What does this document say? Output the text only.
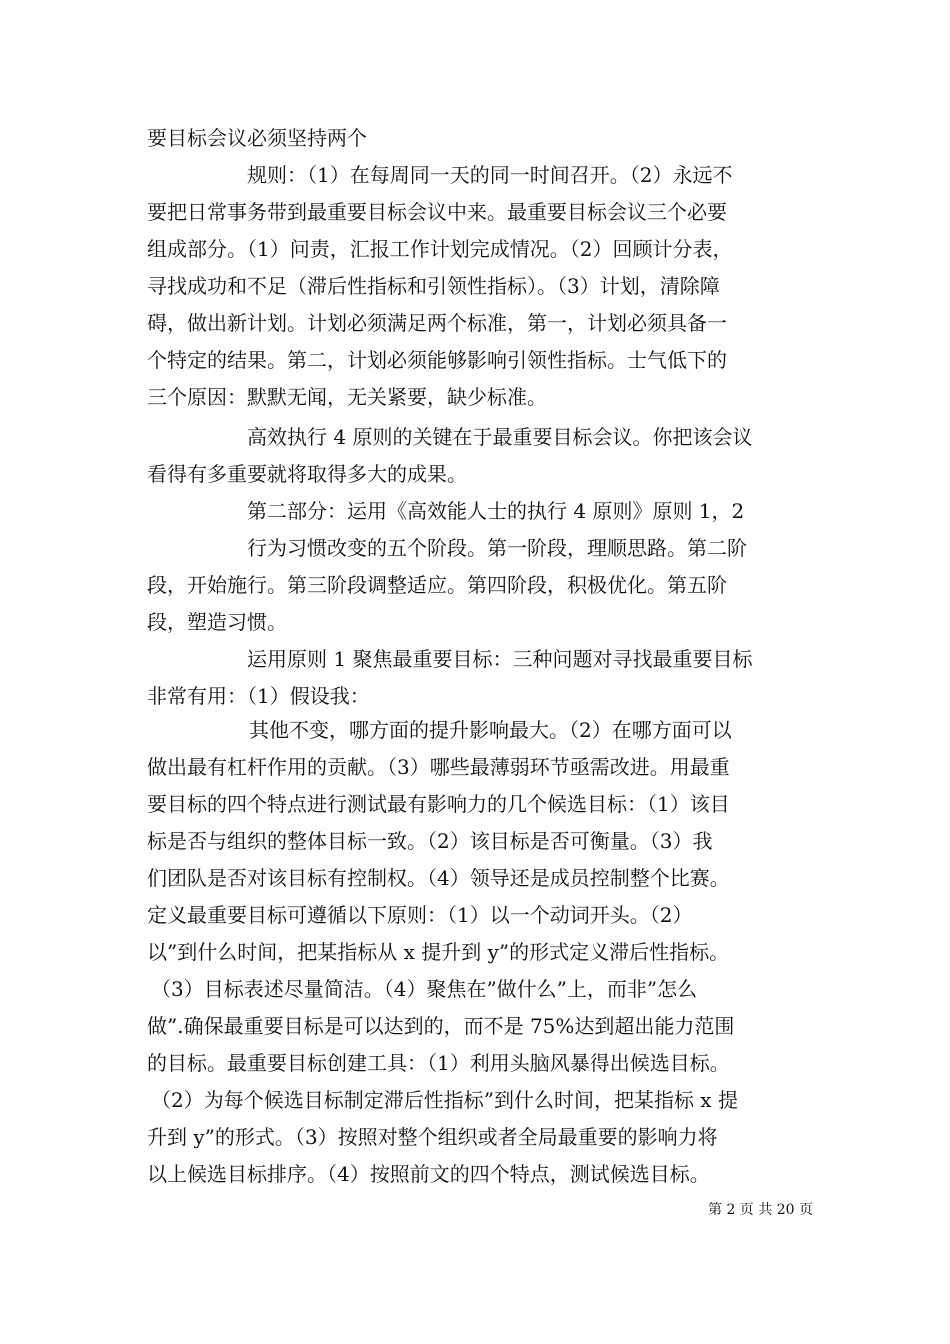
要目标会议必须坚持两个
规则：（1）在每周同一天的同一时间召开。（2）永远不
要把日常事务带到最重要目标会议中来。最重要目标会议三个必要
组成部分。（1）问责，汇报工作计划完成情况。（2）回顾计分表，
寻找成功和不足（滞后性指标和引领性指标）。（3）计划，清除障
碍，做出新计划。计划必须满足两个标准，第一，计划必须具备一
个特定的结果。第二，计划必须能够影响引领性指标。士气低下的
三个原因：默默无闻，无关紧要，缺少标准。
高效执行 4 原则的关键在于最重要目标会议。你把该会议
看得有多重要就将取得多大的成果。
第二部分：运用《高效能人士的执行 4 原则》原则 1，2
行为习惯改变的五个阶段。第一阶段，理顺思路。第二阶
段，开始施行。第三阶段调整适应。第四阶段，积极优化。第五阶
段，塑造习惯。
运用原则 1 聚焦最重要目标：三种问题对寻找最重要目标
非常有用：（1）假设我：
其他不变，哪方面的提升影响最大。（2）在哪方面可以
做出最有杠杆作用的贡献。（3）哪些最薄弱环节亟需改进。用最重
要目标的四个特点进行测试最有影响力的几个候选目标：（1）该目
标是否与组织的整体目标一致。（2）该目标是否可衡量。（3）我
们团队是否对该目标有控制权。（4）领导还是成员控制整个比赛。
定义最重要目标可遵循以下原则：（1）以一个动词开头。（2）
以”到什么时间，把某指标从 x 提升到 y”的形式定义滞后性指标。
（3）目标表述尽量简洁。（4）聚焦在”做什么”上，而非”怎么
做”.确保最重要目标是可以达到的，而不是 75%达到超出能力范围
的目标。最重要目标创建工具：（1）利用头脑风暴得出候选目标。
（2）为每个候选目标制定滞后性指标”到什么时间，把某指标 x 提
升到 y”的形式。（3）按照对整个组织或者全局最重要的影响力将
以上候选目标排序。（4）按照前文的四个特点，测试候选目标。
第 2 页 共 20 页
